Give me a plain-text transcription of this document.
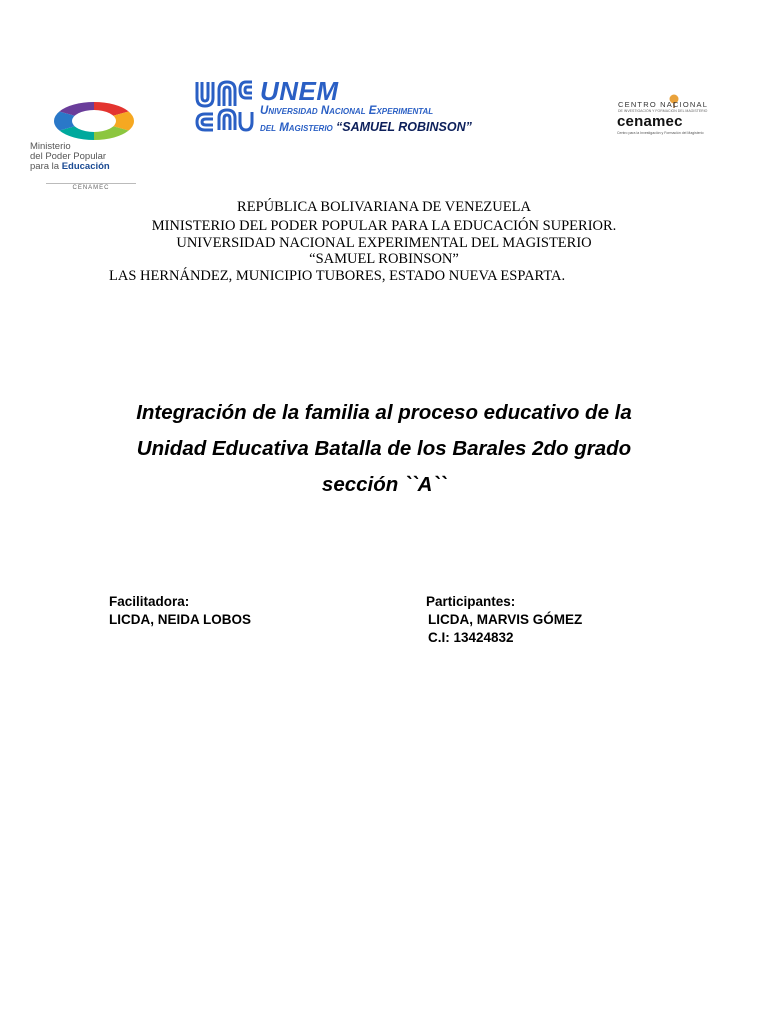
Ministerio
del Poder Popular
para la Educación
CENAMEC
UNEM
Universidad Nacional Experimental
del Magisterio “SAMUEL ROBINSON”
CENTRO NACIONAL
DE INVESTIGACIÓN Y FORMACIÓN DEL MAGISTERIO
cenamec
Centro para la Investigación y Formación del Magisterio
REPÚBLICA BOLIVARIANA DE VENEZUELA
MINISTERIO DEL PODER POPULAR PARA LA EDUCACIÓN SUPERIOR.
UNIVERSIDAD NACIONAL EXPERIMENTAL DEL MAGISTERIO
“SAMUEL ROBINSON”
LAS HERNÁNDEZ, MUNICIPIO TUBORES, ESTADO NUEVA ESPARTA.
Integración de la familia al proceso educativo de la
Unidad Educativa Batalla de los Barales 2do grado
sección ``A``
Facilitadora:
LICDA, NEIDA LOBOS
Participantes:
LICDA, MARVIS GÓMEZ
C.I: 13424832
